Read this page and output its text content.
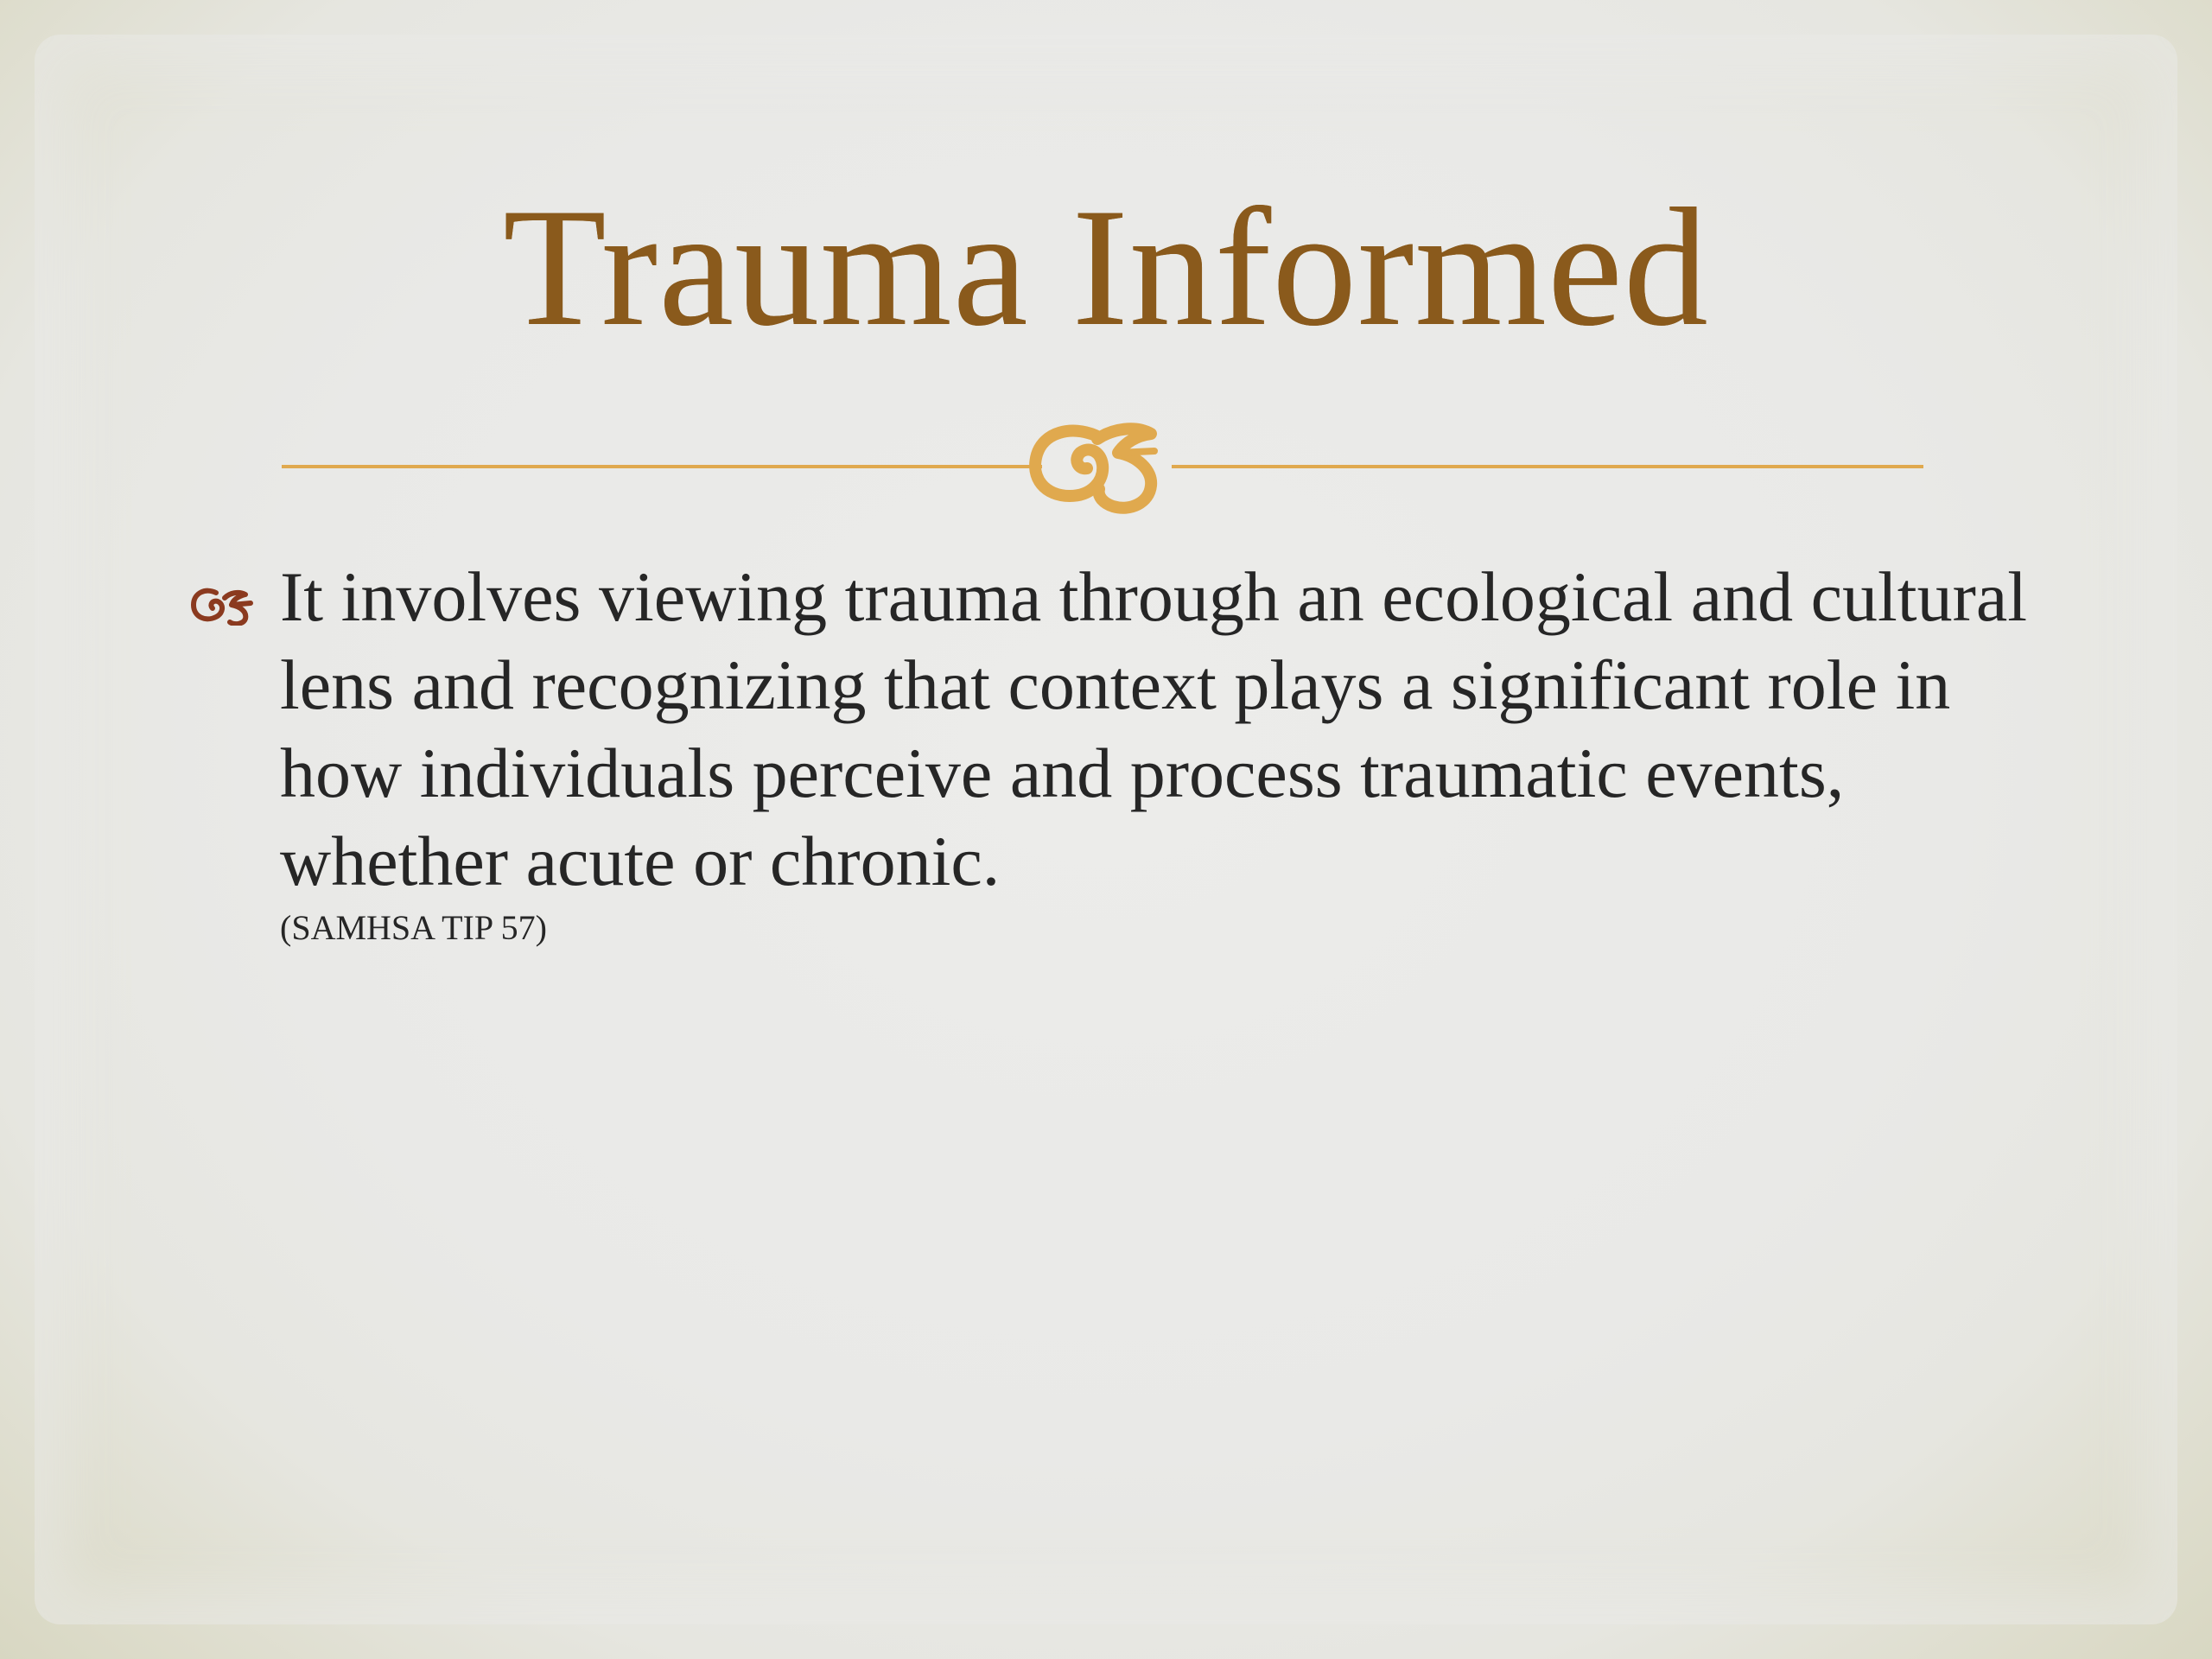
Trauma Informed
It involves viewing trauma through an ecological and cultural lens and recognizing that context plays a significant role in how individuals perceive and process traumatic events, whether acute or chronic.
(SAMHSA TIP 57)
